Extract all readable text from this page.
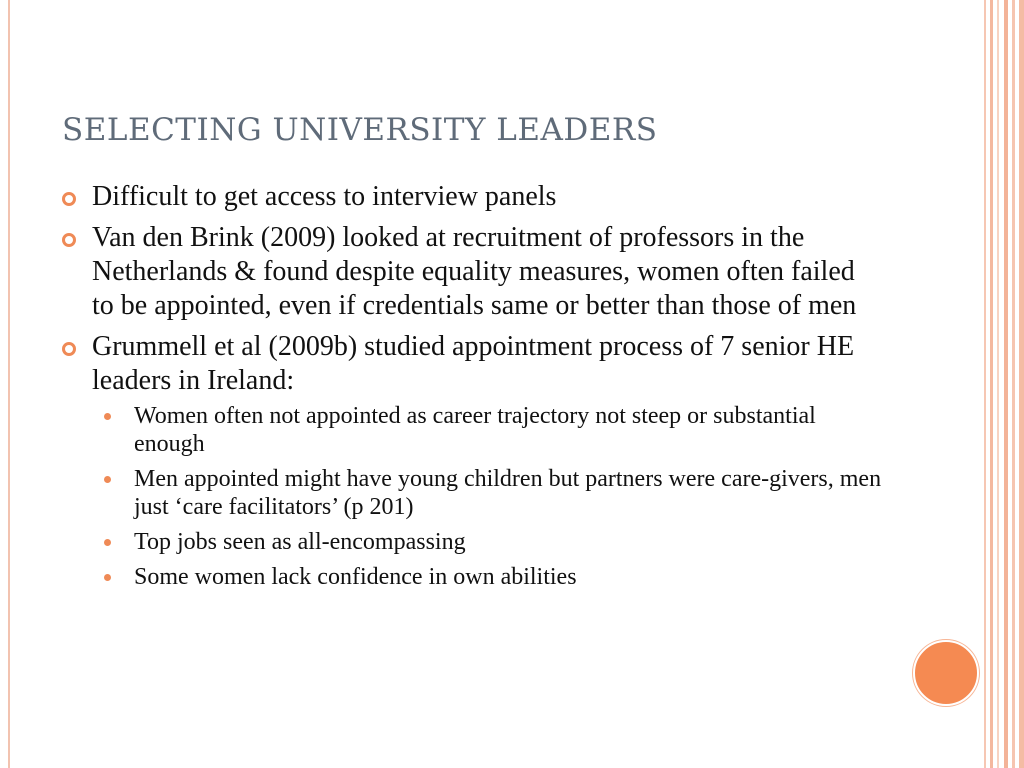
SELECTING UNIVERSITY LEADERS
Difficult to get access to interview panels
Van den Brink (2009) looked at recruitment of professors in the Netherlands & found despite equality measures, women often failed to be appointed, even if credentials same or better than those of men
Grummell et al (2009b) studied appointment process of 7 senior HE leaders in Ireland:
Women often not appointed as career trajectory not steep or substantial enough
Men appointed might have young children but partners were care-givers, men just ‘care facilitators’ (p 201)
Top jobs seen as all-encompassing
Some women lack confidence in own abilities
